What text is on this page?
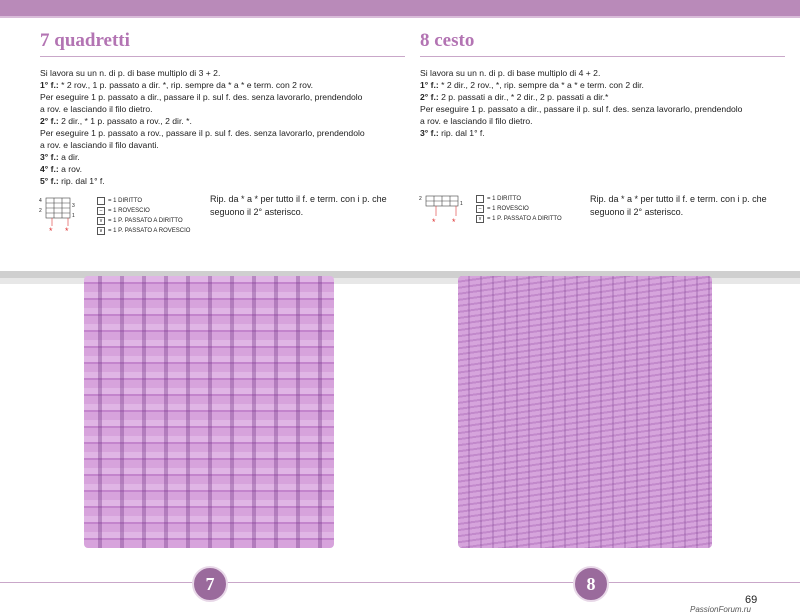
7 quadretti

Si lavora su un n. di p. di base multiplo di 3 + 2.

1° f.: * 2 rov., 1 p. passato a dir. *, rip. sempre da * a * e term. con 2 rov.

Per eseguire 1 p. passato a dir., passare il p. sul f. des. senza lavorarlo, prendendolo

a rov. e lasciando il filo dietro.

2° f.: 2 dir., * 1 p. passato a rov., 2 dir. *.

Per eseguire 1 p. passato a rov., passare il p. sul f. des. senza lavorarlo, prendendolo

a rov. e lasciando il filo davanti.

3° f.: a dir.

4° f.: a rov.

5° f.: rip. dal 1° f.

4
3
2
1
* *
= 1 DIRITTO
– = 1 ROVESCIO
v = 1 P. PASSATO A DIRITTO
∨ = 1 P. PASSATO A ROVESCIO
Rip. da * a * per tutto il f. e term. con i p. che seguono il 2° asterisco.
8 cesto

Si lavora su un n. di p. di base multiplo di 4 + 2.

1° f.: * 2 dir., 2 rov., *, rip. sempre da * a * e term. con 2 dir.

2° f.: 2 p. passati a dir., * 2 dir., 2 p. passati a dir.*

Per eseguire 1 p. passato a dir., passare il p. sul f. des. senza lavorarlo, prendendolo

a rov. e lasciando il filo dietro.

3° f.: rip. dal 1° f.

2
1
* *
= 1 DIRITTO
– = 1 ROVESCIO
v = 1 P. PASSATO A DIRITTO
Rip. da * a * per tutto il f. e term. con i p. che seguono il 2° asterisco.
7	8
69
PassionForum.ru
